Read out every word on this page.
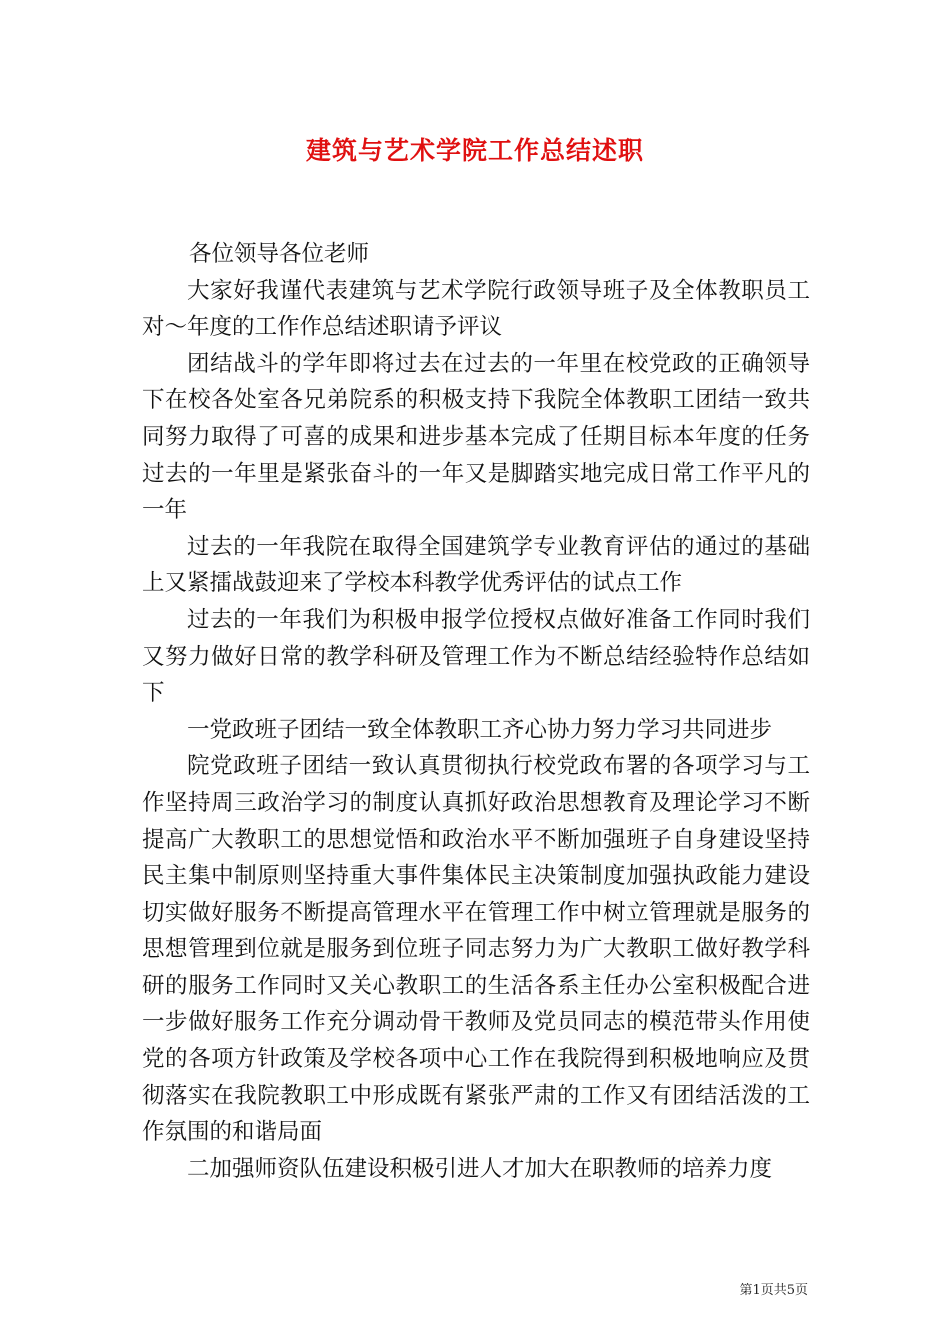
建筑与艺术学院工作总结述职

各位领导各位老师

大家好我谨代表建筑与艺术学院行政领导班子及全体教职员工对～年度的工作作总结述职请予评议

团结战斗的学年即将过去在过去的一年里在校党政的正确领导下在校各处室各兄弟院系的积极支持下我院全体教职工团结一致共同努力取得了可喜的成果和进步基本完成了任期目标本年度的任务过去的一年里是紧张奋斗的一年又是脚踏实地完成日常工作平凡的一年

过去的一年我院在取得全国建筑学专业教育评估的通过的基础上又紧擂战鼓迎来了学校本科教学优秀评估的试点工作

过去的一年我们为积极申报学位授权点做好准备工作同时我们又努力做好日常的教学科研及管理工作为不断总结经验特作总结如下

一党政班子团结一致全体教职工齐心协力努力学习共同进步

院党政班子团结一致认真贯彻执行校党政布署的各项学习与工作坚持周三政治学习的制度认真抓好政治思想教育及理论学习不断提高广大教职工的思想觉悟和政治水平不断加强班子自身建设坚持民主集中制原则坚持重大事件集体民主决策制度加强执政能力建设切实做好服务不断提高管理水平在管理工作中树立管理就是服务的思想管理到位就是服务到位班子同志努力为广大教职工做好教学科研的服务工作同时又关心教职工的生活各系主任办公室积极配合进一步做好服务工作充分调动骨干教师及党员同志的模范带头作用使党的各项方针政策及学校各项中心工作在我院得到积极地响应及贯彻落实在我院教职工中形成既有紧张严肃的工作又有团结活泼的工作氛围的和谐局面

二加强师资队伍建设积极引进人才加大在职教师的培养力度

第1页共5页
